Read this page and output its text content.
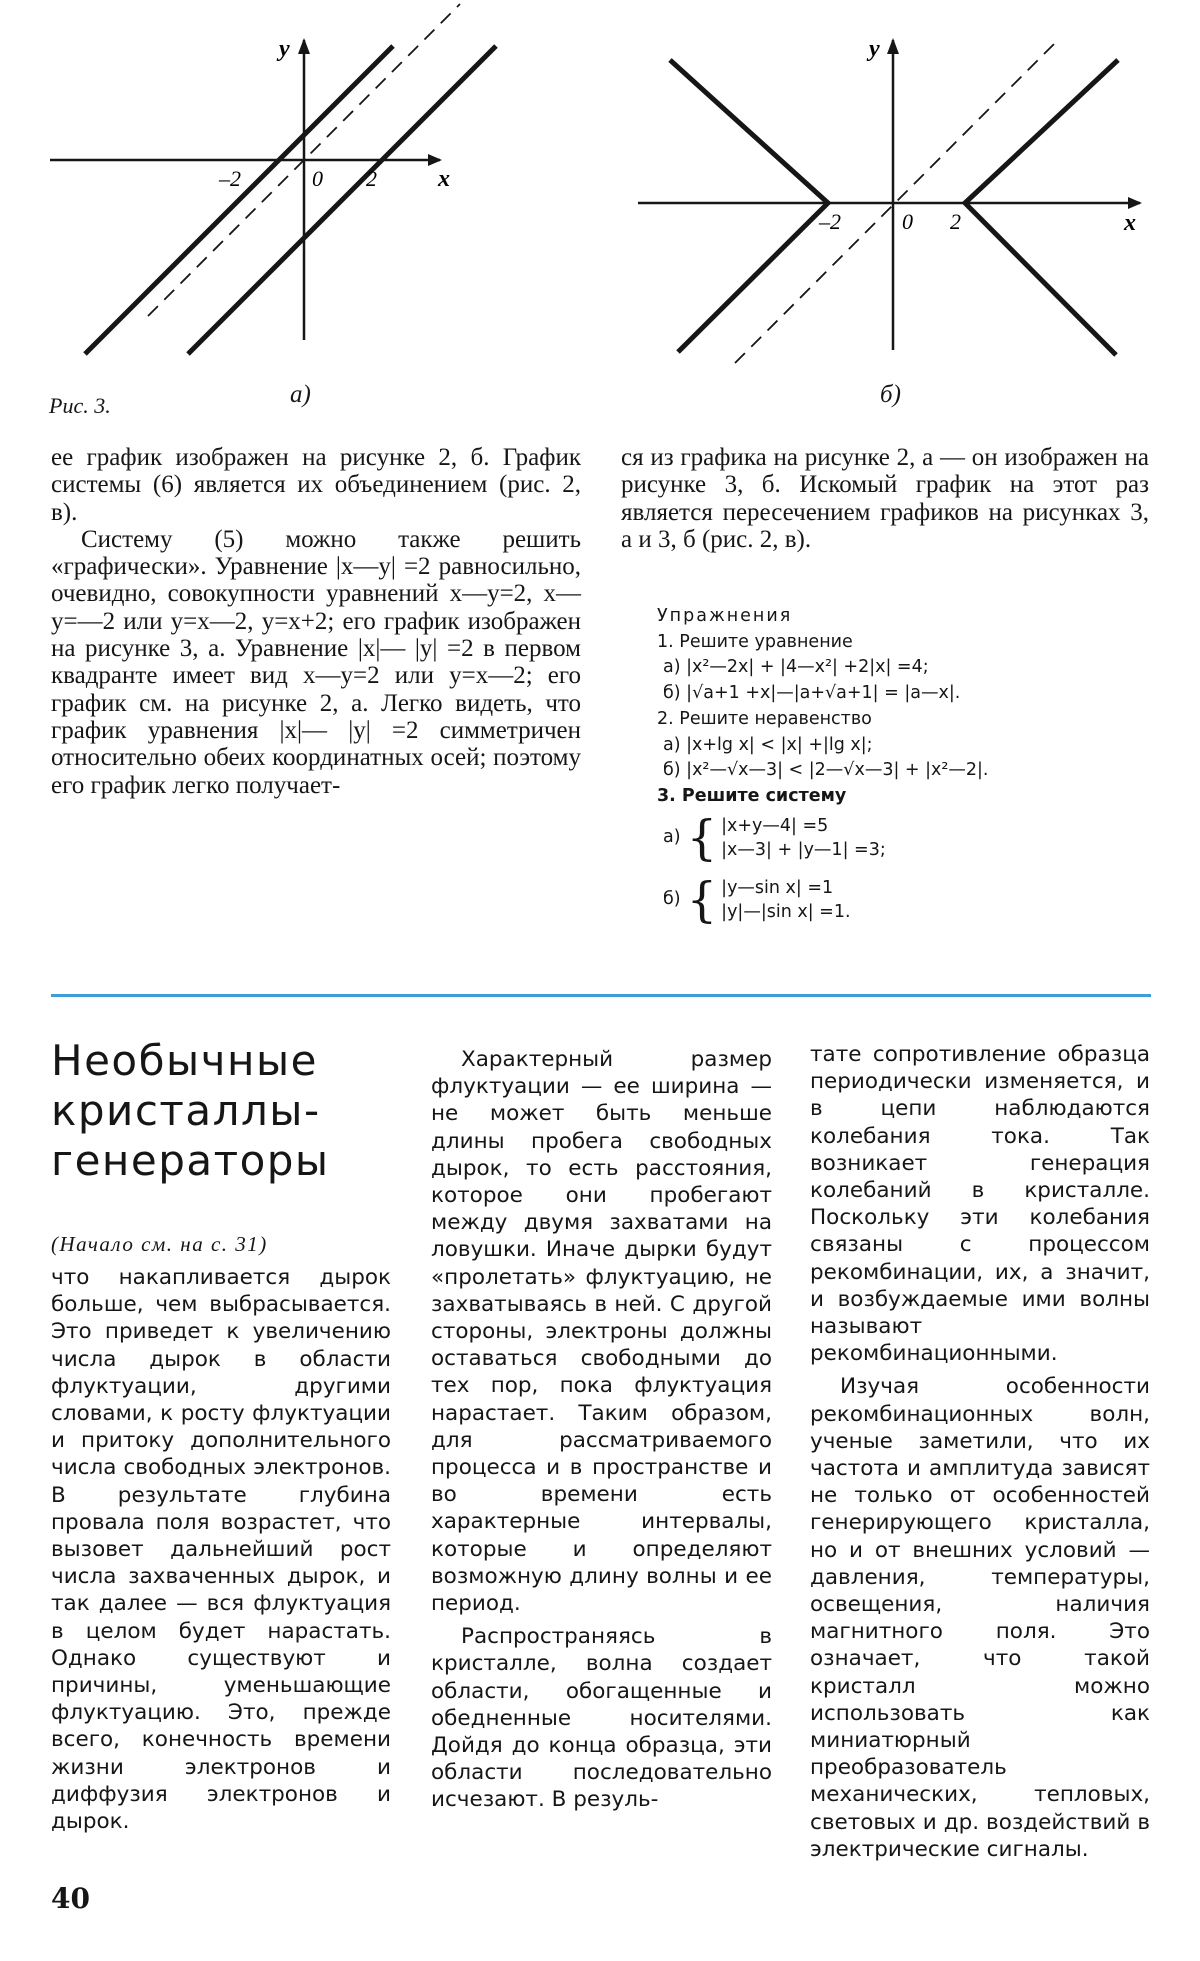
y
x
0
–2	2
Рис. 3.	а)
y
x
0
–2	2
б)

ее график изображен на рисунке 2, б. График системы (6) является их объединением (рис. 2, в).

Систему (5) можно также решить «графически». Уравнение |x—y| =2 равносильно, очевидно, совокупности уравнений x—y=2, x—y=—2 или y=x—2, y=x+2; его график изображен на рисунке 3, а. Уравнение |x|— |y| =2 в первом квадранте имеет вид x—y=2 или y=x—2; его график см. на рисунке 2, а. Легко видеть, что график уравнения |x|— |y| =2 симметричен относительно обеих координатных осей; поэтому его график легко получает-

ся из графика на рисунке 2, а — он изображен на рисунке 3, б. Искомый график на этот раз является пересечением графиков на рисунках 3, а и 3, б (рис. 2, в).

Упражнения
1. Решите уравнение
а) |x²—2x| + |4—x²| +2|x| =4;
б) |√a+1 +x|—|a+√a+1| = |a—x|.
2. Решите неравенство
а) |x+lg x| < |x| +|lg x|;
б) |x²—√x—3| < |2—√x—3| + |x²—2|.
3. Решите систему
а) { |x+y—4| =5
|x—3| + |y—1| =3;
б) { |y—sin x| =1
|y|—|sin x| =1.
Необычные
кристаллы-
генераторы
(Начало см. на с. 31)

что накапливается дырок больше, чем выбрасывается. Это приведет к увеличению числа дырок в области флуктуации, другими словами, к росту флуктуации и притоку дополнительного числа свободных электронов. В результате глубина провала поля возрастет, что вызовет дальнейший рост числа захваченных дырок, и так далее — вся флуктуация в целом будет нарастать. Однако существуют и причины, уменьшающие флуктуацию. Это, прежде всего, конечность времени жизни электронов и диффузия электронов и дырок.

Характерный размер флуктуации — ее ширина — не может быть меньше длины пробега свободных дырок, то есть расстояния, которое они пробегают между двумя захватами на ловушки. Иначе дырки будут «пролетать» флуктуацию, не захватываясь в ней. С другой стороны, электроны должны оставаться свободными до тех пор, пока флуктуация нарастает. Таким образом, для рассматриваемого процесса и в пространстве и во времени есть характерные интервалы, которые и определяют возможную длину волны и ее период.

Распространяясь в кристалле, волна создает области, обогащенные и обедненные носителями. Дойдя до конца образца, эти области последовательно исчезают. В резуль-

тате сопротивление образца периодически изменяется, и в цепи наблюдаются колебания тока. Так возникает генерация колебаний в кристалле. Поскольку эти колебания связаны с процессом рекомбинации, их, а значит, и возбуждаемые ими волны называют рекомбинационными.

Изучая особенности рекомбинационных волн, ученые заметили, что их частота и амплитуда зависят не только от особенностей генерирующего кристалла, но и от внешних условий — давления, температуры, освещения, наличия магнитного поля. Это означает, что такой кристалл можно использовать как миниатюрный преобразователь механических, тепловых, световых и др. воздействий в электрические сигналы.

40
